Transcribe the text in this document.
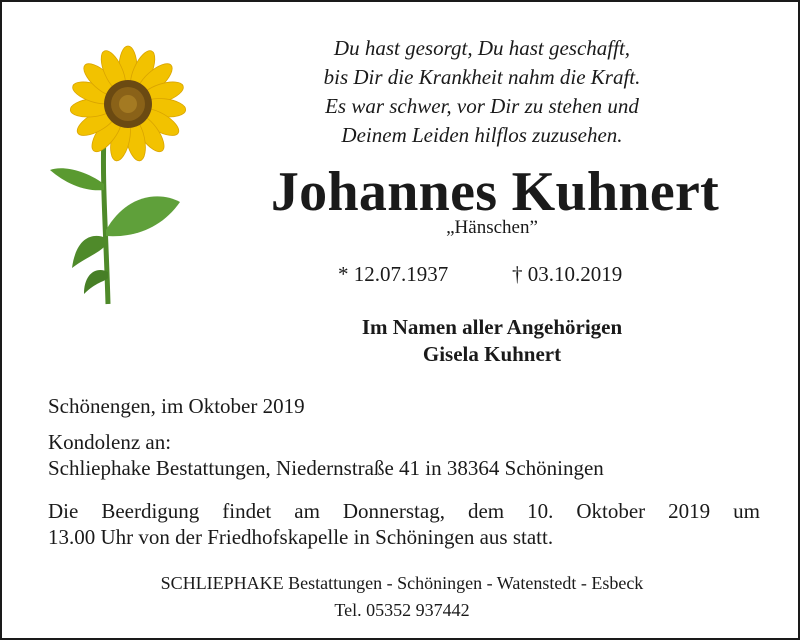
Du hast gesorgt, Du hast geschafft,
bis Dir die Krankheit nahm die Kraft.
Es war schwer, vor Dir zu stehen und
Deinem Leiden hilflos zuzusehen.
Johannes Kuhnert
„Hänschen”
* 12.07.1937	† 03.10.2019
Im Namen aller Angehörigen
Gisela Kuhnert
Schönengen, im Oktober 2019
Kondolenz an:
Schliephake Bestattungen, Niedernstraße 41 in 38364 Schöningen
Die Beerdigung findet am Donnerstag, dem 10. Oktober 2019 um
13.00 Uhr von der Friedhofskapelle in Schöningen aus statt.
SCHLIEPHAKE Bestattungen - Schöningen - Watenstedt - Esbeck
Tel. 05352 937442
